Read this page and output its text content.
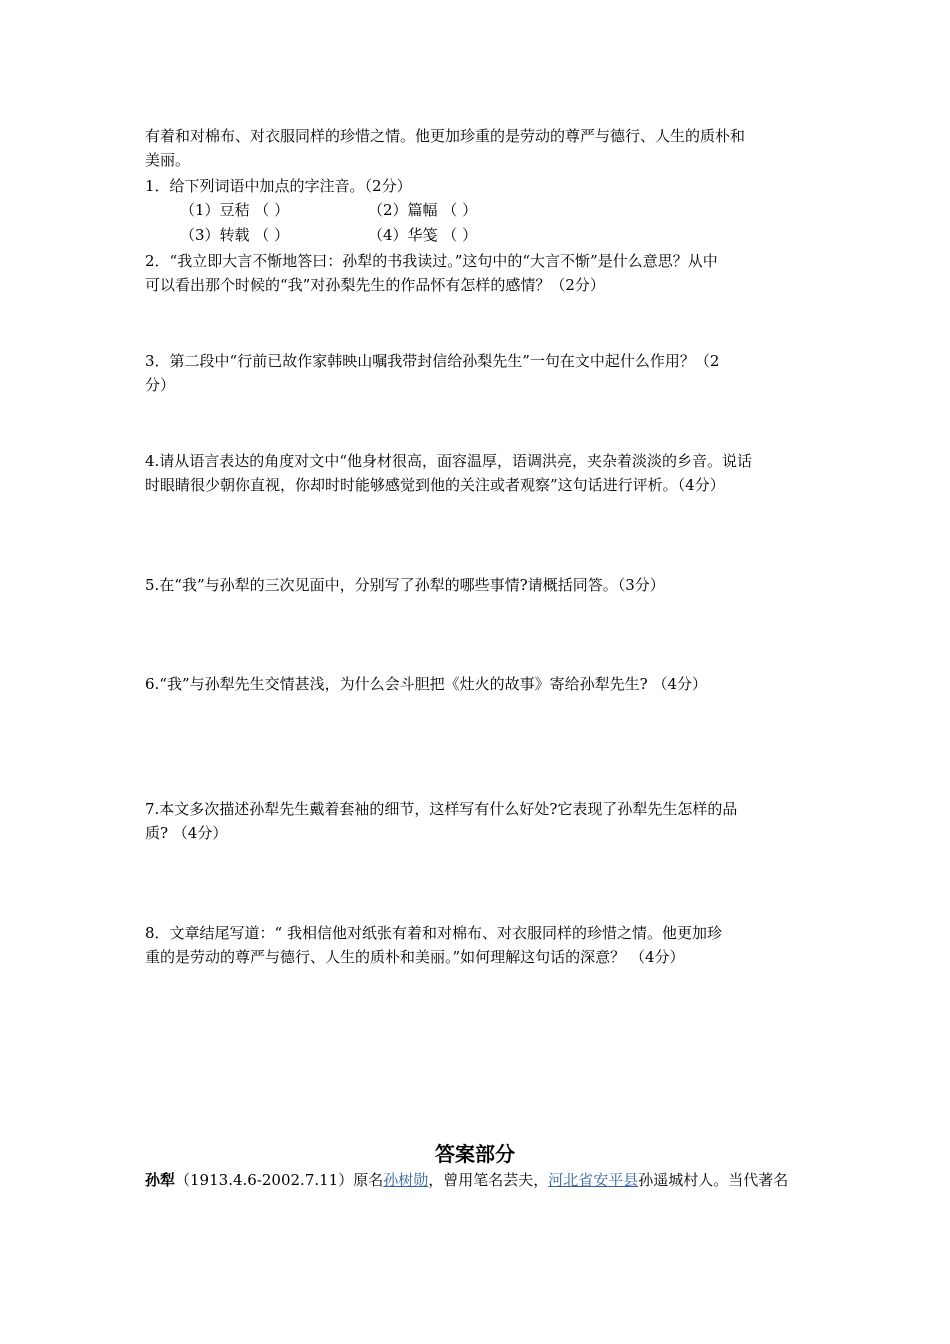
有着和对棉布、对衣服同样的珍惜之情。他更加珍重的是劳动的尊严与德行、人生的质朴和
美丽。
1．给下列词语中加点的字注音。（2分）
（1）豆秸 （ ）	（2）篇幅 （ ）
（3）转载 （ ）	（4）华笺 （ ）
2．“我立即大言不惭地答曰：孙犁的书我读过。”这句中的“大言不惭”是什么意思？从中
可以看出那个时候的“我”对孙梨先生的作品怀有怎样的感情？（2分）
3．第二段中“行前已故作家韩映山嘱我带封信给孙梨先生”一句在文中起什么作用？（2
分）
4.请从语言表达的角度对文中“他身材很高，面容温厚，语调洪亮，夹杂着淡淡的乡音。说话
时眼睛很少朝你直视，你却时时能够感觉到他的关注或者观察”这句话进行评析。（4分）
5.在“我”与孙犁的三次见面中，分别写了孙犁的哪些事情?请概括同答。（3分）
6.“我”与孙犁先生交情甚浅，为什么会斗胆把《灶火的故事》寄给孙犁先生? （4分）
7.本文多次描述孙犁先生戴着套袖的细节，这样写有什么好处?它表现了孙犁先生怎样的品
质? （4分）
8．文章结尾写道：“ 我相信他对纸张有着和对棉布、对衣服同样的珍惜之情。他更加珍
重的是劳动的尊严与德行、人生的质朴和美丽。”如何理解这句话的深意？ （4分）
答案部分
孙犁（1913.4.6-2002.7.11）原名孙树勋，曾用笔名芸夫，河北省安平县孙遥城村人。当代著名
